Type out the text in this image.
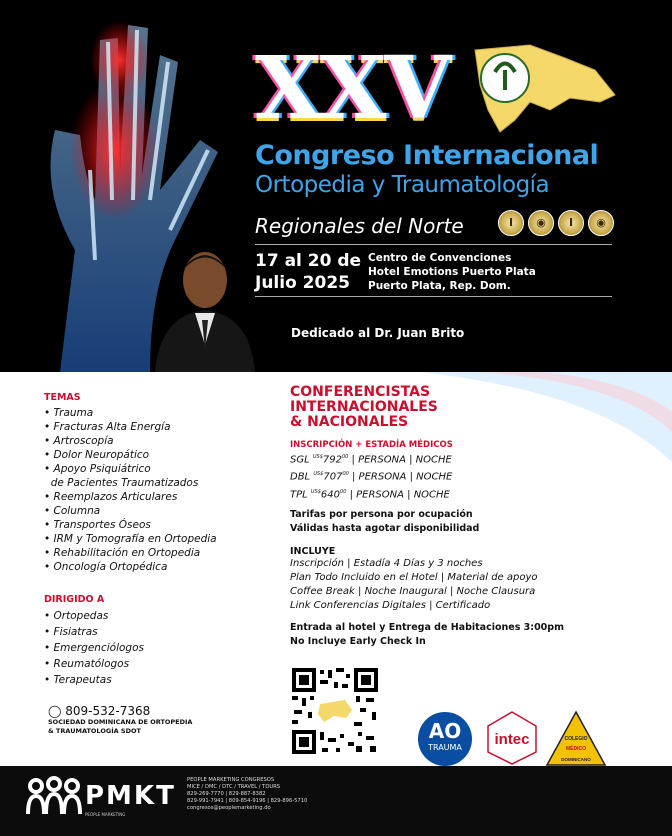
XXV
Congreso Internacional
Ortopedia y Traumatología
Regionales del Norte	I	◉	I	◉
17 al 20 de
Julio 2025
Centro de Convenciones
Hotel Emotions Puerto Plata
Puerto Plata, Rep. Dom.
Dedicado al Dr. Juan Brito
TEMAS
• Trauma
• Fracturas Alta Energía
• Artroscopía
• Dolor Neuropático
• Apoyo Psiquiátrico
de Pacientes Traumatizados
• Reemplazos Articulares
• Columna
• Transportes Óseos
• IRM y Tomografía en Ortopedia
• Rehabilitación en Ortopedia
• Oncología Ortopédica
DIRIGIDO A
• Ortopedas
• Fisiatras
• Emergenciólogos
• Reumatólogos
• Terapeutas
◯ 809-532-7368
SOCIEDAD DOMINICANA DE ORTOPEDIA
& TRAUMATOLOGÍA SDOT
CONFERENCISTAS
INTERNACIONALES
& NACIONALES
INSCRIPCIÓN + ESTADÍA MÉDICOS
SGL $^{US\$}792^{00}$ | PERSONA | NOCHE
DBL $^{US\$}707^{00}$ | PERSONA | NOCHE
TPL $^{US\$}640^{00}$ | PERSONA | NOCHE
Tarifas por persona por ocupación
Válidas hasta agotar disponibilidad
INCLUYE
Inscripción | Estadía 4 Días y 3 noches
Plan Todo Incluido en el Hotel | Material de apoyo
Coffee Break | Noche Inaugural | Noche Clausura
Link Conferencias Digitales | Certificado
Entrada al hotel y Entrega de Habitaciones 3:00pm
No Incluye Early Check In
AO
TRAUMA	intec	COLEGIO
MÉDICO
DOMINICANO
PMKT
PEOPLE MARKETING
PEOPLE MARKETING CONGRESOS
MICE / DMC / DTC / TRAVEL / TOURS
829-269-7770 | 829-887-8382
829-991-7941 | 809-854-9196 | 829-896-5710
congresos@peoplemarketing.do
